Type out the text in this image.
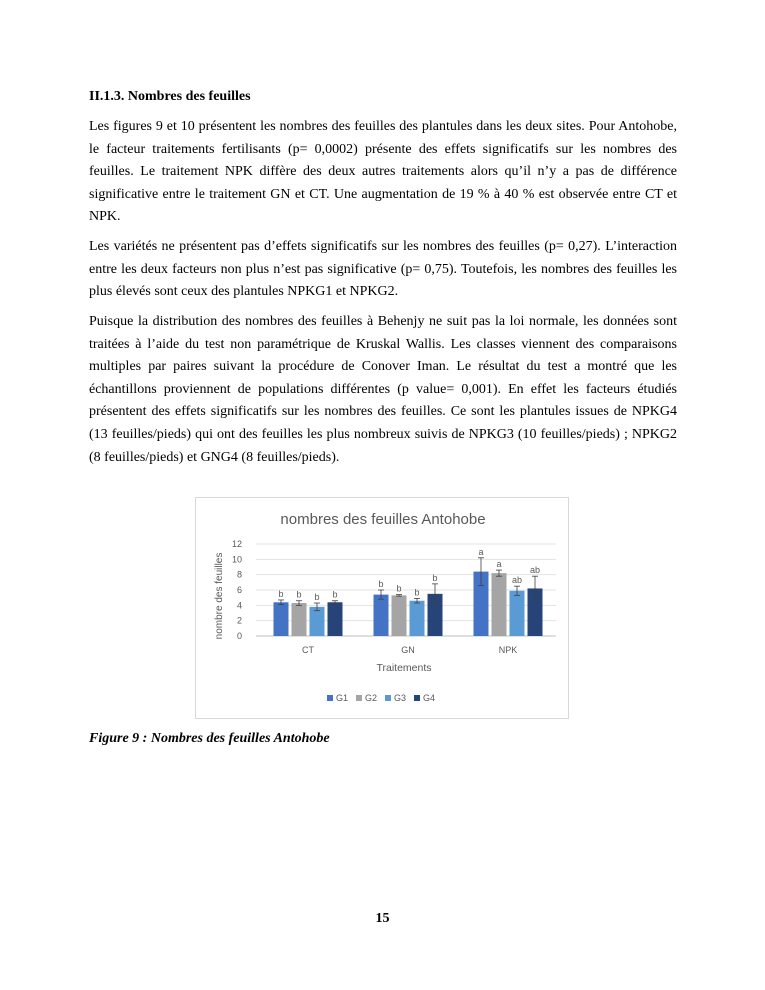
II.1.3. Nombres des feuilles

Les figures 9 et 10 présentent les nombres des feuilles des plantules dans les deux sites. Pour Antohobe, le facteur traitements fertilisants (p= 0,0002) présente des effets significatifs sur les nombres des feuilles. Le traitement NPK diffère des deux autres traitements alors qu’il n’y a pas de différence significative entre le traitement GN et CT. Une augmentation de 19 % à 40 % est observée entre CT et NPK.

Les variétés ne présentent pas d’effets significatifs sur les nombres des feuilles (p= 0,27). L’interaction entre les deux facteurs non plus n’est pas significative (p= 0,75). Toutefois, les nombres des feuilles les plus élevés sont ceux des plantules NPKG1 et NPKG2.

Puisque la distribution des nombres des feuilles à Behenjy ne suit pas la loi normale, les données sont traitées à l’aide du test non paramétrique de Kruskal Wallis. Les classes viennent des comparaisons multiples par paires suivant la procédure de Conover Iman. Le résultat du test a montré que les échantillons proviennent de populations différentes (p value= 0,001). En effet les facteurs étudiés présentent des effets significatifs sur les nombres des feuilles. Ce sont les plantules issues de NPKG4 (13 feuilles/pieds) qui ont des feuilles les plus nombreux suivis de NPKG3 (10 feuilles/pieds) ; NPKG2 (8 feuilles/pieds) et GNG4 (8 feuilles/pieds).

nombres des feuilles Antohobe
nombre des feuilles
Traitements
0
2
4
6
8
10
12
b b b b
CT
b b b
b
GN
a
a
ab
ab
NPK
G1 G2 G3 G4
Figure 9 : Nombres des feuilles Antohobe
15
